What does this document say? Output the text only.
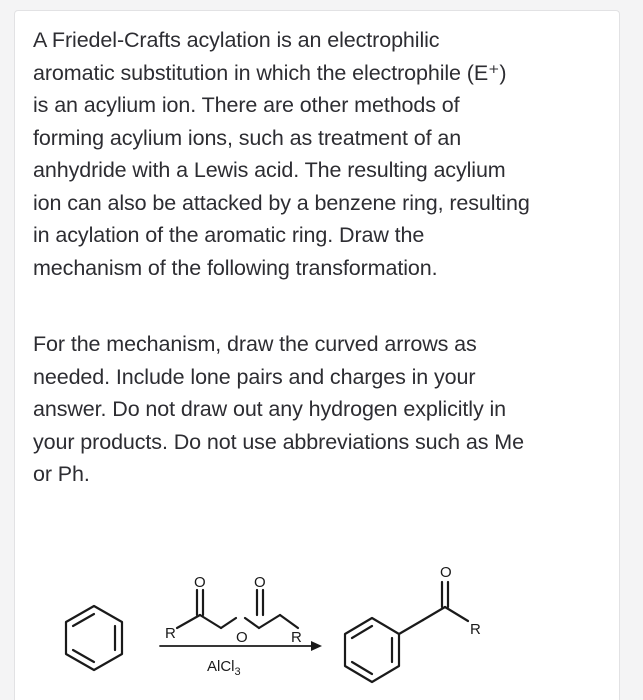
A Friedel-Crafts acylation is an electrophilic
aromatic substitution in which the electrophile (E⁺)
is an acylium ion. There are other methods of
forming acylium ions, such as treatment of an
anhydride with a Lewis acid. The resulting acylium
ion can also be attacked by a benzene ring, resulting
in acylation of the aromatic ring. Draw the
mechanism of the following transformation.

For the mechanism, draw the curved arrows as
needed. Include lone pairs and charges in your
answer. Do not draw out any hydrogen explicitly in
your products. Do not use abbreviations such as Me
or Ph.

O	O
O
R	R
AlCl$_3$
O
R
